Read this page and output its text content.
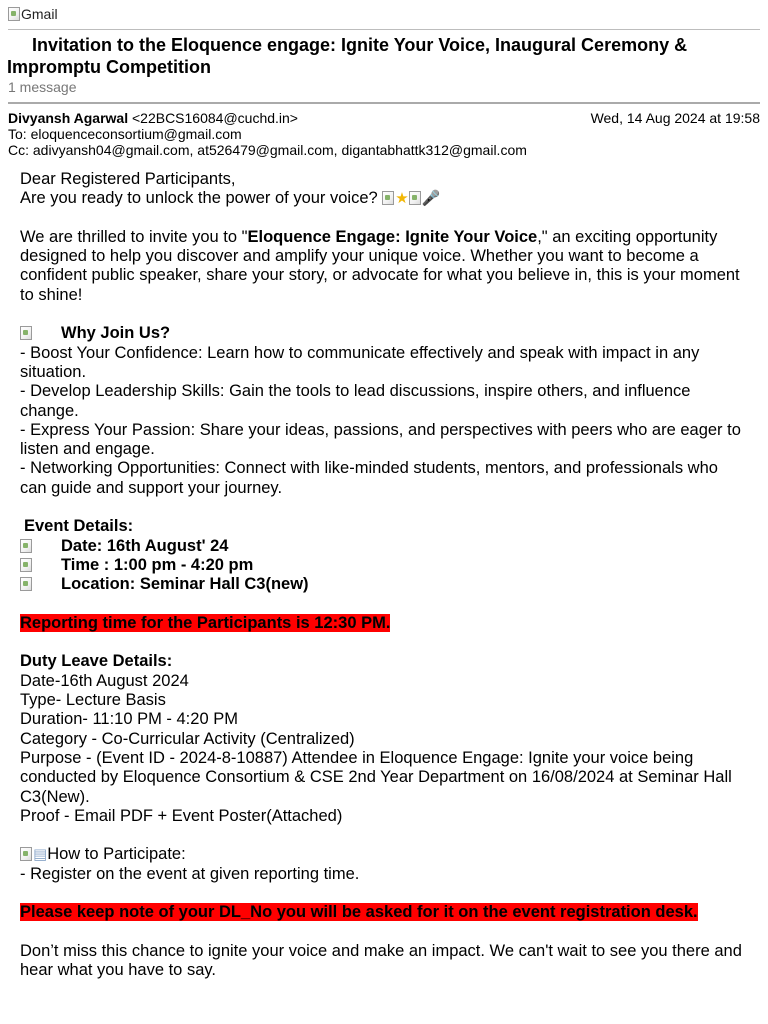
Gmail
Invitation to the Eloquence engage: Ignite Your Voice, Inaugural Ceremony & Impromptu Competition
1 message
Divyansh Agarwal <22BCS16084@cuchd.in>	Wed, 14 Aug 2024 at 19:58
To: eloquenceconsortium@gmail.com
Cc: adivyansh04@gmail.com, at526479@gmail.com, digantabhattk312@gmail.com

Dear Registered Participants,

Are you ready to unlock the power of your voice? ★ 🎤

We are thrilled to invite you to "Eloquence Engage: Ignite Your Voice," an exciting opportunity designed to help you discover and amplify your unique voice. Whether you want to become a confident public speaker, share your story, or advocate for what you believe in, this is your moment to shine!

Why Join Us?

- Boost Your Confidence: Learn how to communicate effectively and speak with impact in any situation.

- Develop Leadership Skills: Gain the tools to lead discussions, inspire others, and influence change.

- Express Your Passion: Share your ideas, passions, and perspectives with peers who are eager to listen and engage.

- Networking Opportunities: Connect with like-minded students, mentors, and professionals who can guide and support your journey.

Event Details:

Date: 16th August' 24

Time : 1:00 pm - 4:20 pm

Location: Seminar Hall C3(new)

Reporting time for the Participants is 12:30 PM.

Duty Leave Details:

Date-16th August 2024

Type- Lecture Basis

Duration- 11:10 PM - 4:20 PM

Category - Co-Curricular Activity (Centralized)

Purpose - (Event ID - 2024-8-10887) Attendee in Eloquence Engage: Ignite your voice being conducted by Eloquence Consortium & CSE 2nd Year Department on 16/08/2024 at Seminar Hall C3(New).

Proof - Email PDF + Event Poster(Attached)

▤How to Participate:

- Register on the event at given reporting time.

Please keep note of your DL_No you will be asked for it on the event registration desk.

Don’t miss this chance to ignite your voice and make an impact. We can't wait to see you there and hear what you have to say.
